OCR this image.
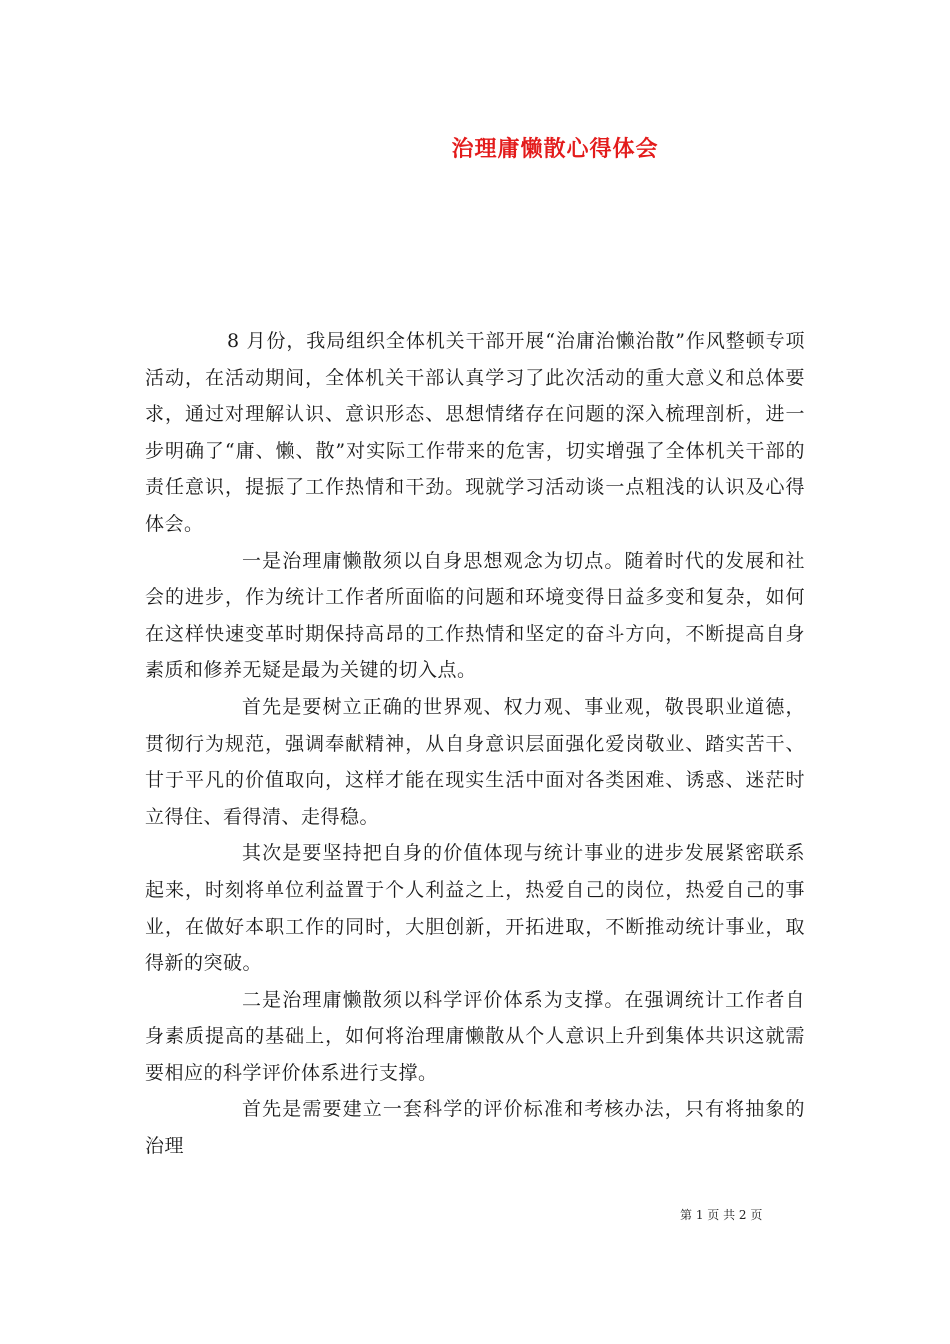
治理庸懒散心得体会

8 月份，我局组织全体机关干部开展“治庸治懒治散”作风整顿专项活动，在活动期间，全体机关干部认真学习了此次活动的重大意义和总体要求，通过对理解认识、意识形态、思想情绪存在问题的深入梳理剖析，进一步明确了“庸、懒、散”对实际工作带来的危害，切实增强了全体机关干部的责任意识，提振了工作热情和干劲。现就学习活动谈一点粗浅的认识及心得体会。

一是治理庸懒散须以自身思想观念为切点。随着时代的发展和社会的进步，作为统计工作者所面临的问题和环境变得日益多变和复杂，如何在这样快速变革时期保持高昂的工作热情和坚定的奋斗方向，不断提高自身素质和修养无疑是最为关键的切入点。

首先是要树立正确的世界观、权力观、事业观，敬畏职业道德，贯彻行为规范，强调奉献精神，从自身意识层面强化爱岗敬业、踏实苦干、甘于平凡的价值取向，这样才能在现实生活中面对各类困难、诱惑、迷茫时立得住、看得清、走得稳。

其次是要坚持把自身的价值体现与统计事业的进步发展紧密联系起来，时刻将单位利益置于个人利益之上，热爱自己的岗位，热爱自己的事业，在做好本职工作的同时，大胆创新，开拓进取，不断推动统计事业，取得新的突破。

二是治理庸懒散须以科学评价体系为支撑。在强调统计工作者自身素质提高的基础上，如何将治理庸懒散从个人意识上升到集体共识这就需要相应的科学评价体系进行支撑。

首先是需要建立一套科学的评价标准和考核办法，只有将抽象的治理

第 1 页 共 2 页
